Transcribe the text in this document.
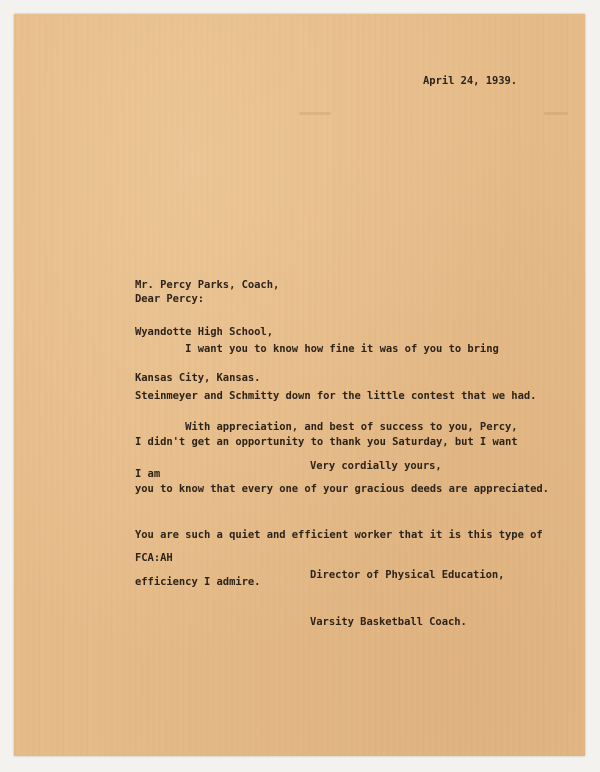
April 24, 1939.

Mr. Percy Parks, Coach,

Wyandotte High School,

Kansas City, Kansas.

Dear Percy:

I want you to know how fine it was of you to bring

Steinmeyer and Schmitty down for the little contest that we had.

I didn't get an opportunity to thank you Saturday, but I want

you to know that every one of your gracious deeds are appreciated.

You are such a quiet and efficient worker that it is this type of

efficiency I admire.

With appreciation, and best of success to you, Percy,

I am

Very cordially yours,

Director of Physical Education,

Varsity Basketball Coach.

FCA:AH
